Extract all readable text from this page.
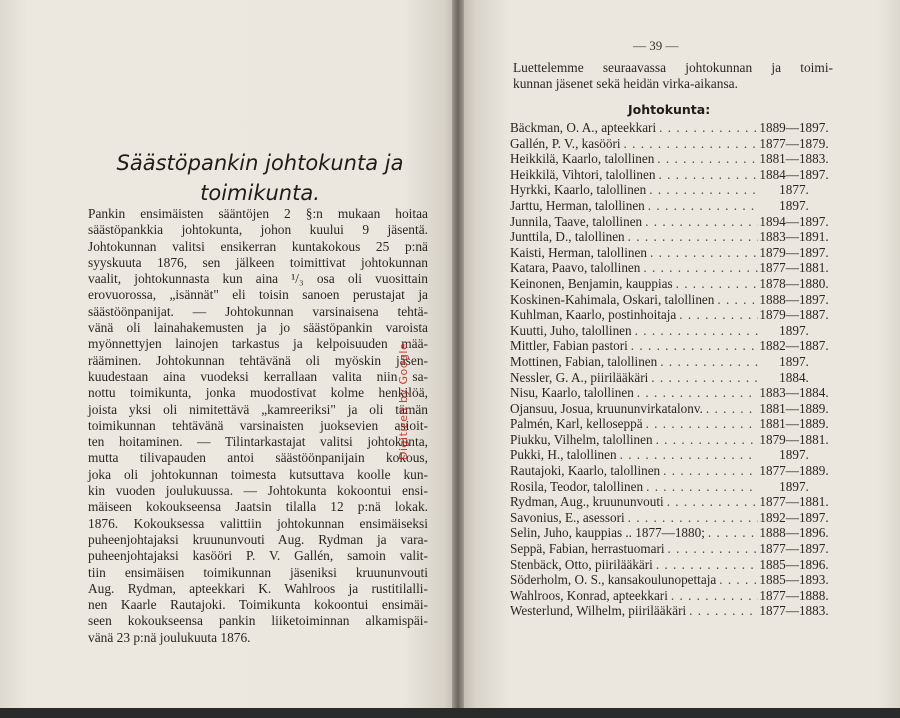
Säästöpankin johtokunta ja
toimikunta.
Pankin ensimäisten sääntöjen 2 §:n mukaan hoitaa
säästöpankkia johtokunta, johon kuului 9 jäsentä.
Johtokunnan valitsi ensikerran kuntakokous 25 p:nä
syyskuuta 1876, sen jälkeen toimittivat johtokunnan
vaalit, johtokunnasta kun aina ¹/₃ osa oli vuosittain
erovuorossa, „isännät" eli toisin sanoen perustajat ja
säästöönpanijat. — Johtokunnan varsinaisena tehtä-
vänä oli lainahakemusten ja jo säästöpankin varoista
myönnettyjen lainojen tarkastus ja kelpoisuuden mää-
rääminen. Johtokunnan tehtävänä oli myöskin jäsen-
kuudestaan aina vuodeksi kerrallaan valita niin sa-
nottu toimikunta, jonka muodostivat kolme henkilöä,
joista yksi oli nimitettävä „kamreeriksi" ja oli tämän
toimikunnan tehtävänä varsinaisten juoksevien asioit-
ten hoitaminen. — Tilintarkastajat valitsi johtokunta,
mutta tilivapauden antoi säästöönpanijain kokous,
joka oli johtokunnan toimesta kutsuttava koolle kun-
kin vuoden joulukuussa. — Johtokunta kokoontui ensi-
mäiseen kokoukseensa Jaatsin tilalla 12 p:nä lokak.
1876. Kokouksessa valittiin johtokunnan ensimäiseksi
puheenjohtajaksi kruununvouti Aug. Rydman ja vara-
puheenjohtajaksi kasööri P. V. Gallén, samoin valit-
tiin ensimäisen toimikunnan jäseniksi kruununvouti
Aug. Rydman, apteekkari K. Wahlroos ja rustitilalli-
nen Kaarle Rautajoki. Toimikunta kokoontui ensimäi-
seen kokoukseensa pankin liiketoiminnan alkamispäi-
vänä 23 p:nä joulukuuta 1876.
Digitized by Google
— 39 —
Luettelemme seuraavassa johtokunnan ja toimi-
kunnan jäsenet sekä heidän virka-aikansa.
Johtokunta:
Bäckman, O. A., apteekkari . . .	1889—1897.
Gallén, P. V., kasööri . . .	1877—1879.
Heikkilä, Kaarlo, talollinen . . .	1881—1883.
Heikkilä, Vihtori, talollinen . . .	1884—1897.
Hyrkki, Kaarlo, talollinen . . .	1877.
Jarttu, Herman, talollinen . . .	1897.
Junnila, Taave, talollinen . . .	1894—1897.
Junttila, D., talollinen . . .	1883—1891.
Kaisti, Herman, talollinen . . .	1879—1897.
Katara, Paavo, talollinen . . .	1877—1881.
Keinonen, Benjamin, kauppias . . .	1878—1880.
Koskinen-Kahimala, Oskari, talollinen . . .	1888—1897.
Kuhlman, Kaarlo, postinhoitaja . . .	1879—1887.
Kuutti, Juho, talollinen . . .	1897.
Mittler, Fabian pastori . . .	1882—1887.
Mottinen, Fabian, talollinen . . .	1897.
Nessler, G. A., piirilääkäri . . .	1884.
Nisu, Kaarlo, talollinen . . .	1883—1884.
Ojansuu, Josua, kruununvirkatalonv. . . .	1881—1889.
Palmén, Karl, kelloseppä . . .	1881—1889.
Piukku, Vilhelm, talollinen . . .	1879—1881.
Pukki, H., talollinen . . .	1897.
Rautajoki, Kaarlo, talollinen . . .	1877—1889.
Rosila, Teodor, talollinen . . .	1897.
Rydman, Aug., kruununvouti . . .	1877—1881.
Savonius, E., asessori . . .	1892—1897.
Selin, Juho, kauppias .. 1877—1880; . . .	1888—1896.
Seppä, Fabian, herrastuomari . . .	1877—1897.
Stenbäck, Otto, piirilääkäri . . .	1885—1896.
Söderholm, O. S., kansakoulunopettaja . . .	1885—1893.
Wahlroos, Konrad, apteekkari . . .	1877—1888.
Westerlund, Wilhelm, piirilääkäri . . .	1877—1883.
